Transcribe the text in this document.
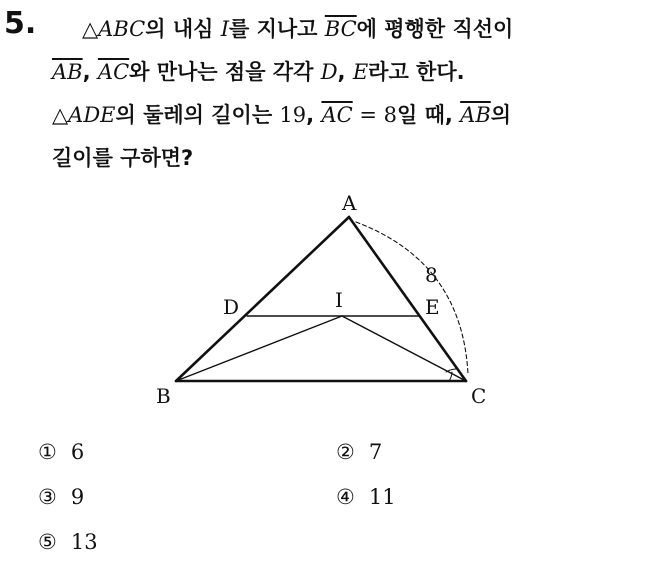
5.	△ABC의 내심 I를 지나고 $\overline{BC}$에 평행한 직선이
$\overline{AB}$, $\overline{AC}$와 만나는 점을 각각 D, E라고 한다.
△ADE의 둘레의 길이는 19, $\overline{AC} = 8$일 때, $\overline{AB}$의
길이를 구하면?
A
B	C
D	E
I
8
① 6	② 7
③ 9	④ 11
⑤ 13
